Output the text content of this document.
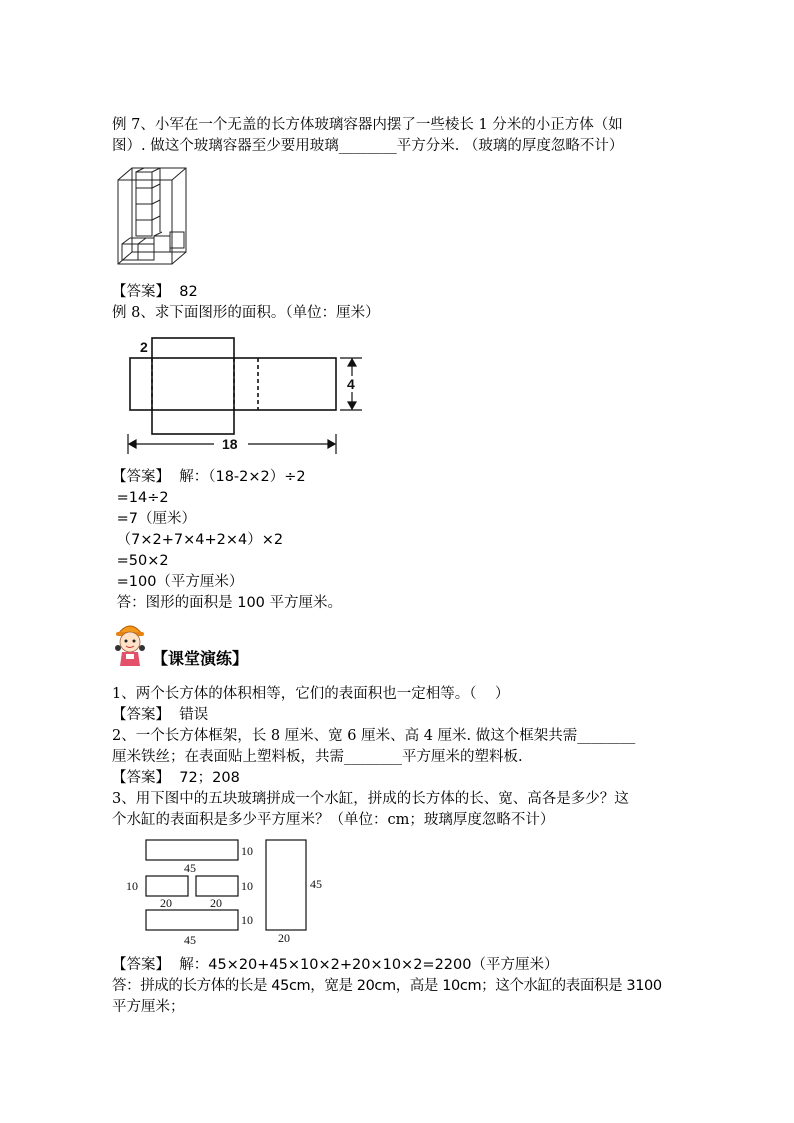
例 7、小军在一个无盖的长方体玻璃容器内摆了一些棱长 1 分米的小正方体（如
图）. 做这个玻璃容器至少要用玻璃________平方分米. （玻璃的厚度忽略不计）
【答案】  82
例 8、求下面图形的面积。（单位：厘米）
2
4
18
【答案】  解：（18-2×2）÷2
=14÷2
=7（厘米）
（7×2+7×4+2×4）×2
=50×2
=100（平方厘米）
答：图形的面积是 100 平方厘米。
【课堂演练】
1、两个长方体的体积相等，它们的表面积也一定相等。（    ）
【答案】  错误
2、一个长方体框架，长 8 厘米、宽 6 厘米、高 4 厘米. 做这个框架共需________
厘米铁丝；在表面贴上塑料板，共需________平方厘米的塑料板.
【答案】  72；208
3、用下图中的五块玻璃拼成一个水缸，拼成的长方体的长、宽、高各是多少？这
个水缸的表面积是多少平方厘米？（单位：cm；玻璃厚度忽略不计）
10
45
10
20	20
10
10
45
45
20
【答案】  解：45×20+45×10×2+20×10×2=2200（平方厘米）
答：拼成的长方体的长是 45cm，宽是 20cm，高是 10cm；这个水缸的表面积是 3100
平方厘米；
